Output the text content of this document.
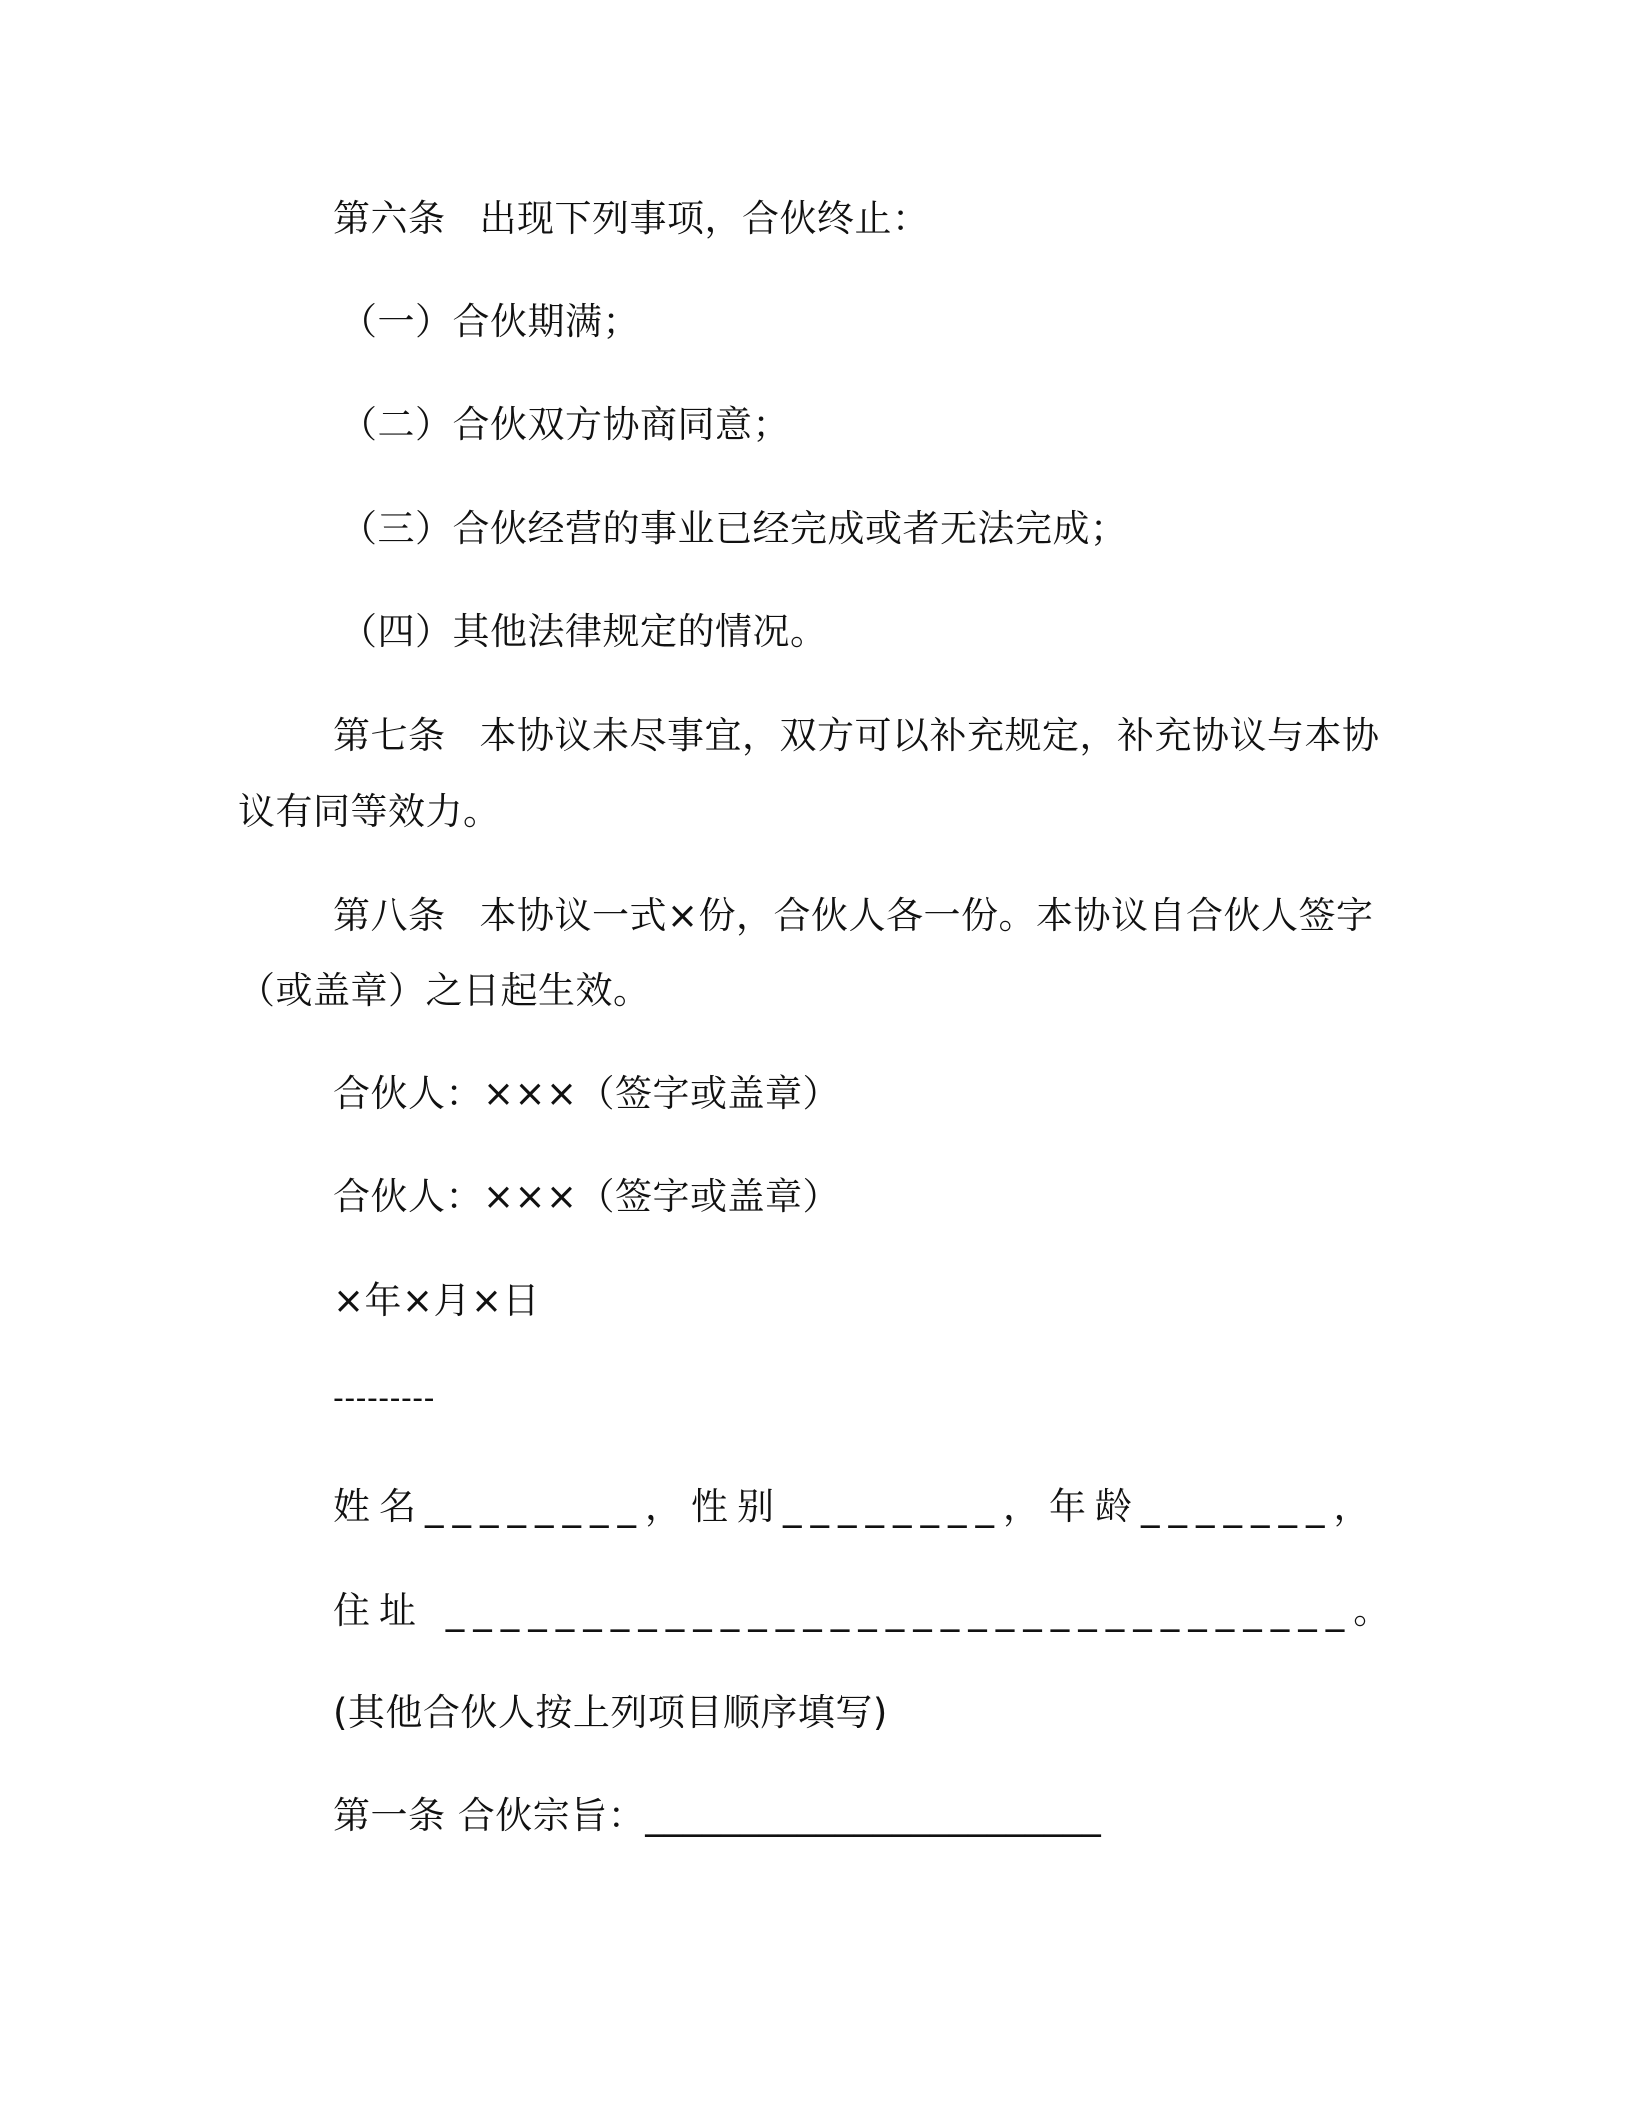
第六条 出现下列事项，合伙终止：
（一）合伙期满；
（二）合伙双方协商同意；
（三）合伙经营的事业已经完成或者无法完成；
（四）其他法律规定的情况。
第七条 本协议未尽事宜，双方可以补充规定，补充协议与本协
议有同等效力。
第八条 本协议一式×份，合伙人各一份。本协议自合伙人签字
（或盖章）之日起生效。
合伙人：×××（签字或盖章）
合伙人：×××（签字或盖章）
×年×月×日
---------
姓名________，性别________，年龄_______，
住址 _________________________________。
(其他合伙人按上列项目顺序填写)
第一条 合伙宗旨：________________________
